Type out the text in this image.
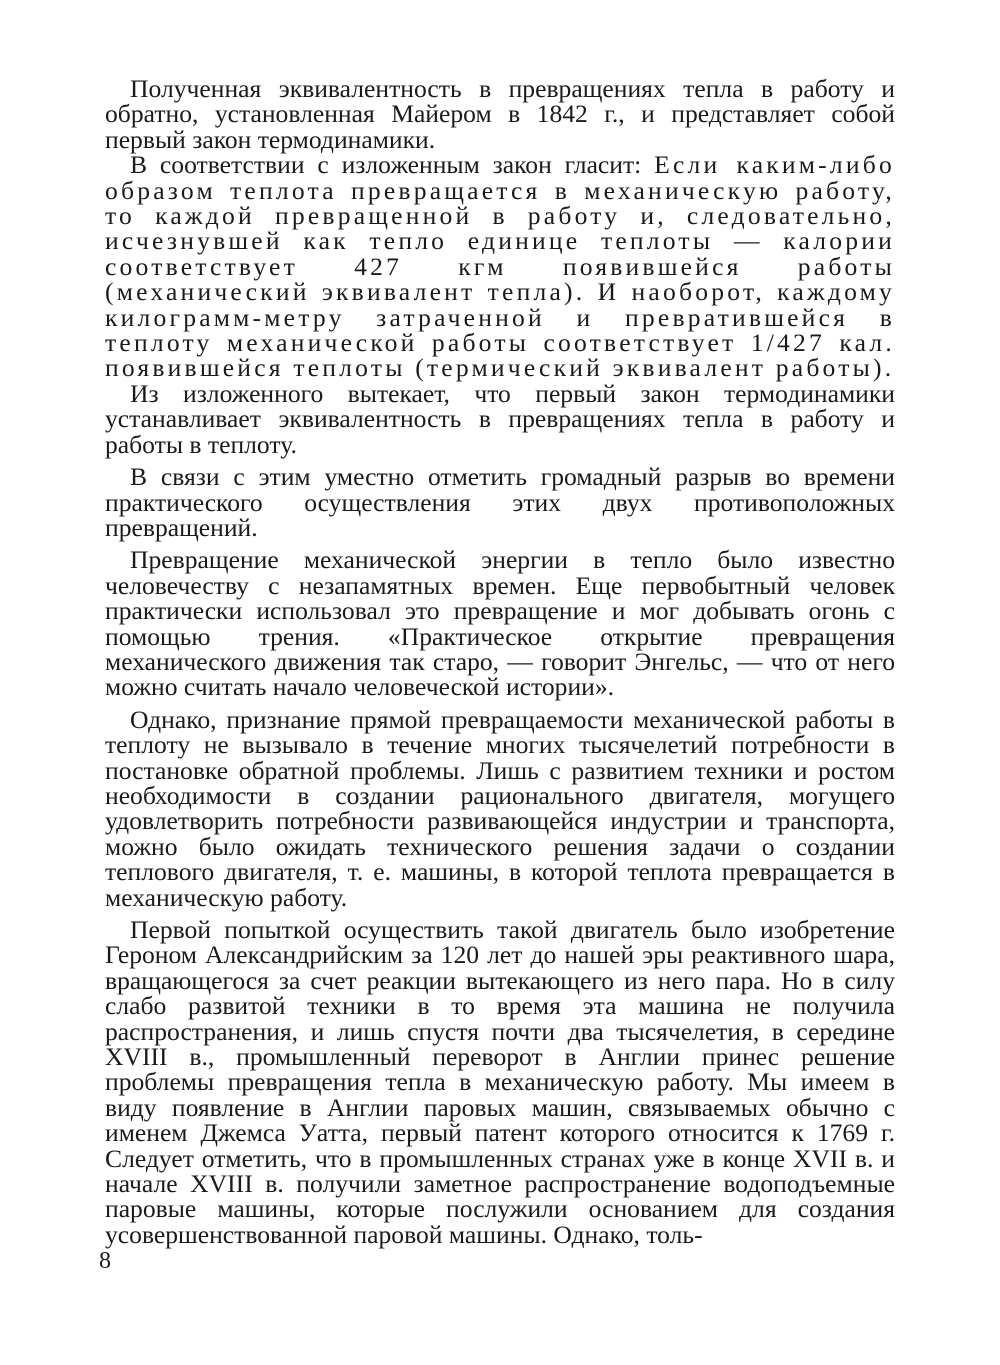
Полученная эквивалентность в превращениях тепла в работу и обратно, установленная Майером в 1842 г., и представляет собой первый закон термодинамики.

В соответствии с изложенным закон гласит: Если каким-либо образом теплота превращается в механическую работу, то каждой превращенной в работу и, следовательно, исчезнувшей как тепло единице теплоты — калории соответствует 427 кгм появившейся работы (механический эквивалент тепла). И наоборот, каждому килограмм-метру затраченной и превратившейся в теплоту механической работы соответствует 1/427 кал. появившейся теплоты (термический эквивалент работы).

Из изложенного вытекает, что первый закон термодинамики устанавливает эквивалентность в превращениях тепла в работу и работы в теплоту.

В связи с этим уместно отметить громадный разрыв во времени практического осуществления этих двух противоположных превращений.

Превращение механической энергии в тепло было известно человечеству с незапамятных времен. Еще первобытный человек практически использовал это превращение и мог добывать огонь с помощью трения. «Практическое открытие превращения механического движения так старо, — говорит Энгельс, — что от него можно считать начало человеческой истории».

Однако, признание прямой превращаемости механической работы в теплоту не вызывало в течение многих тысячелетий потребности в постановке обратной проблемы. Лишь с развитием техники и ростом необходимости в создании рационального двигателя, могущего удовлетворить потребности развивающейся индустрии и транспорта, можно было ожидать технического решения задачи о создании теплового двигателя, т. е. машины, в которой теплота превращается в механическую работу.

Первой попыткой осуществить такой двигатель было изобретение Героном Александрийским за 120 лет до нашей эры реактивного шара, вращающегося за счет реакции вытекающего из него пара. Но в силу слабо развитой техники в то время эта машина не получила распространения, и лишь спустя почти два тысячелетия, в середине XVIII в., промышленный переворот в Англии принес решение проблемы превращения тепла в механическую работу. Мы имеем в виду появление в Англии паровых машин, связываемых обычно с именем Джемса Уатта, первый патент которого относится к 1769 г. Следует отметить, что в промышленных странах уже в конце XVII в. и начале XVIII в. получили заметное распространение водоподъемные паровые машины, которые послужили основанием для создания усовершенствованной паровой машины. Однако, толь-

8
